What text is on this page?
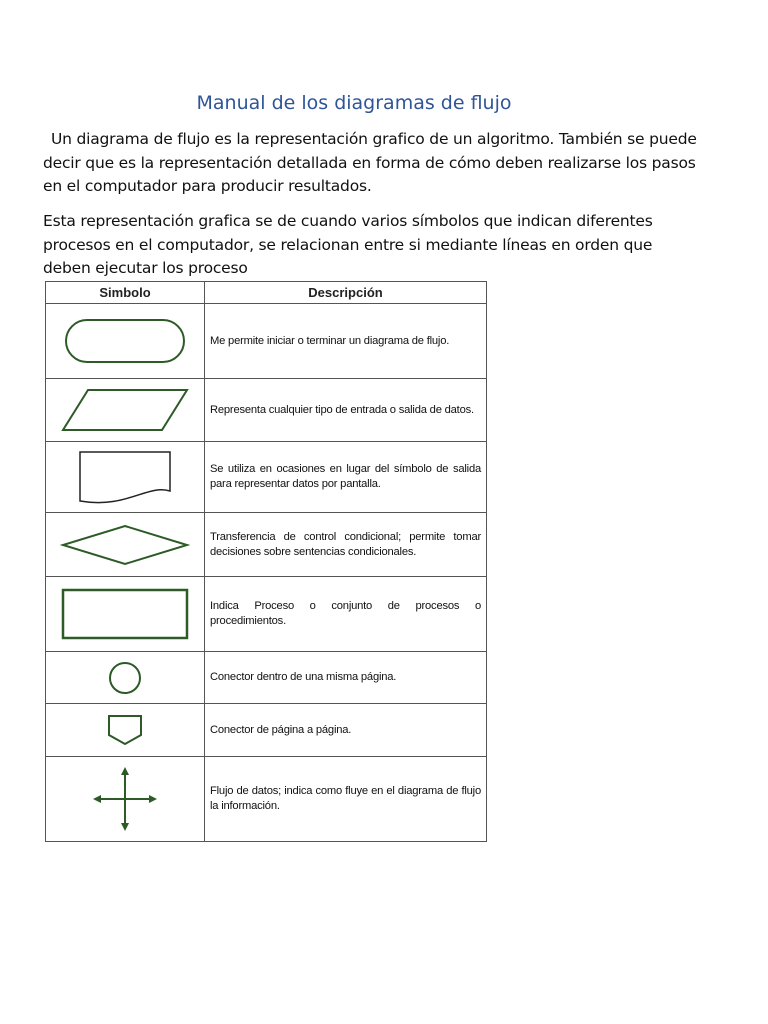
Manual de los diagramas de flujo
Un diagrama de flujo es la representación grafico de un algoritmo. También se puede
decir que es la representación detallada en forma de cómo deben realizarse los pasos
en el computador para producir resultados.
Esta representación grafica se de cuando varios símbolos que indican diferentes
procesos en el computador, se relacionan entre si mediante líneas en orden que
deben ejecutar los proceso
Simbolo	Descripción

	Me permite iniciar o terminar un diagrama de flujo.

	Representa cualquier tipo de entrada o salida de datos.

	Se utiliza en ocasiones en lugar del símbolo de salida para representar datos por pantalla.

	Transferencia de control condicional; permite tomar decisiones sobre sentencias condicionales.

	Indica Proceso o conjunto de procesos o procedimientos.

	Conector dentro de una misma página.

	Conector de página a página.

	Flujo de datos; indica como fluye en el diagrama de flujo la información.
